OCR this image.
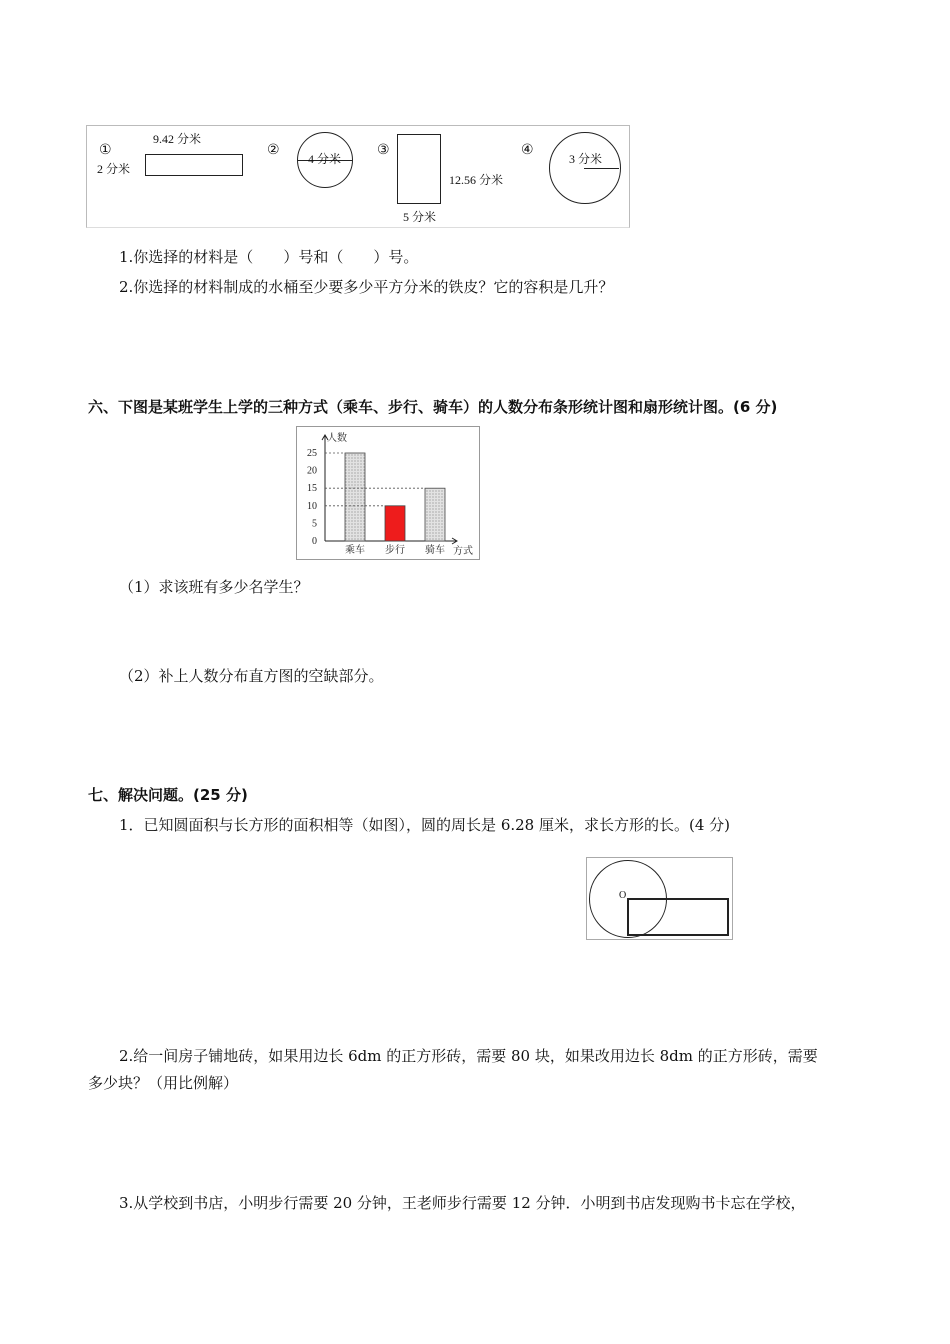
①
9.42 分米
2 分米
②
4 分米
③
12.56 分米
5 分米
④
3 分米
1.你选择的材料是（　　）号和（　　）号。
2.你选择的材料制成的水桶至少要多少平方分米的铁皮？它的容积是几升？
六、下图是某班学生上学的三种方式（乘车、步行、骑车）的人数分布条形统计图和扇形统计图。(6 分)
人数
方式
0
5
10
15
20
25
乘车 步行 骑车
（1）求该班有多少名学生？
（2）补上人数分布直方图的空缺部分。
七、解决问题。(25 分)
1．已知圆面积与长方形的面积相等（如图），圆的周长是 6.28 厘米，求长方形的长。(4 分)
O
2.给一间房子铺地砖，如果用边长 6dm 的正方形砖，需要 80 块，如果改用边长 8dm 的正方形砖，需要
多少块？（用比例解）
3.从学校到书店，小明步行需要 20 分钟，王老师步行需要 12 分钟．小明到书店发现购书卡忘在学校，
